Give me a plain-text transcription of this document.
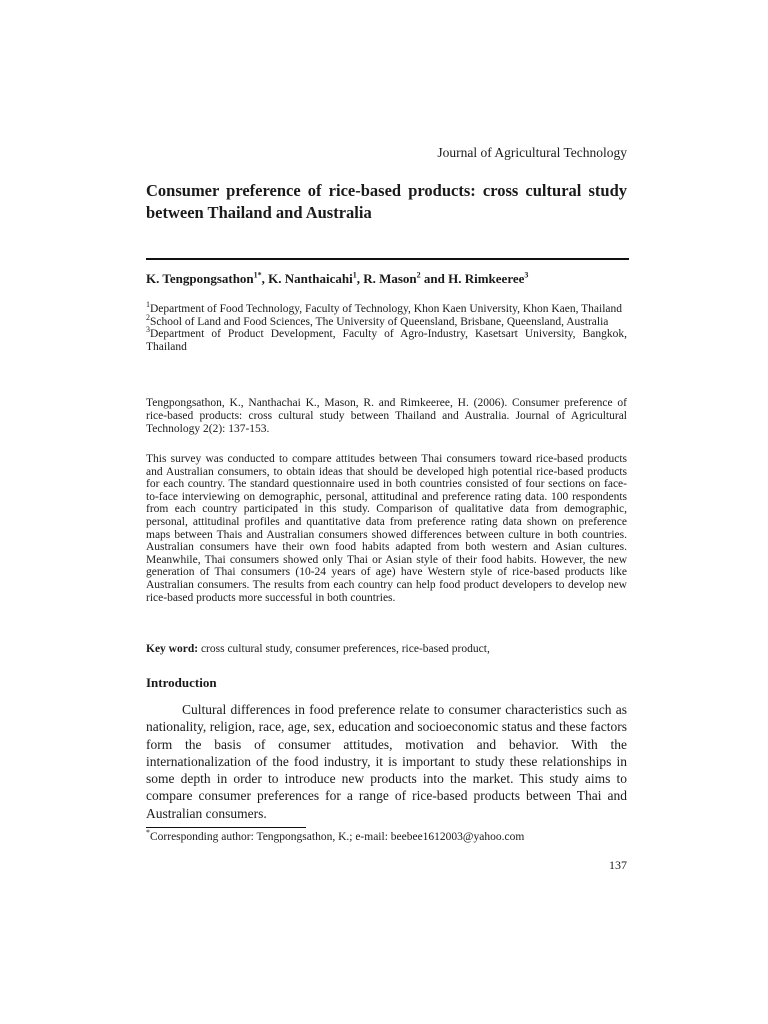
Journal of Agricultural Technology
Consumer preference of rice-based products: cross cultural study between Thailand and Australia
K. Tengpongsathon$^{1*}$, K. Nanthaicahi$^1$, R. Mason$^2$ and H. Rimkeeree$^3$
$^1$Department of Food Technology, Faculty of Technology, Khon Kaen University, Khon Kaen, Thailand
$^2$School of Land and Food Sciences, The University of Queensland, Brisbane, Queensland, Australia
$^3$Department of Product Development, Faculty of Agro-Industry, Kasetsart University, Bangkok, Thailand
Tengpongsathon, K., Nanthachai K., Mason, R. and Rimkeeree, H. (2006). Consumer preference of rice-based products: cross cultural study between Thailand and Australia. Journal of Agricultural Technology 2(2): 137-153.
This survey was conducted to compare attitudes between Thai consumers toward rice-based products and Australian consumers, to obtain ideas that should be developed high potential rice-based products for each country. The standard questionnaire used in both countries consisted of four sections on face-to-face interviewing on demographic, personal, attitudinal and preference rating data. 100 respondents from each country participated in this study. Comparison of qualitative data from demographic, personal, attitudinal profiles and quantitative data from preference rating data shown on preference maps between Thais and Australian consumers showed differences between culture in both countries. Australian consumers have their own food habits adapted from both western and Asian cultures. Meanwhile, Thai consumers showed only Thai or Asian style of their food habits. However, the new generation of Thai consumers (10-24 years of age) have Western style of rice-based products like Australian consumers. The results from each country can help food product developers to develop new rice-based products more successful in both countries.
Key word: cross cultural study, consumer preferences, rice-based product,
Introduction
Cultural differences in food preference relate to consumer characteristics such as nationality, religion, race, age, sex, education and socioeconomic status and these factors form the basis of consumer attitudes, motivation and behavior. With the internationalization of the food industry, it is important to study these relationships in some depth in order to introduce new products into the market. This study aims to compare consumer preferences for a range of rice-based products between Thai and Australian consumers.
*Corresponding author: Tengpongsathon, K.; e-mail: beebee1612003@yahoo.com
137
